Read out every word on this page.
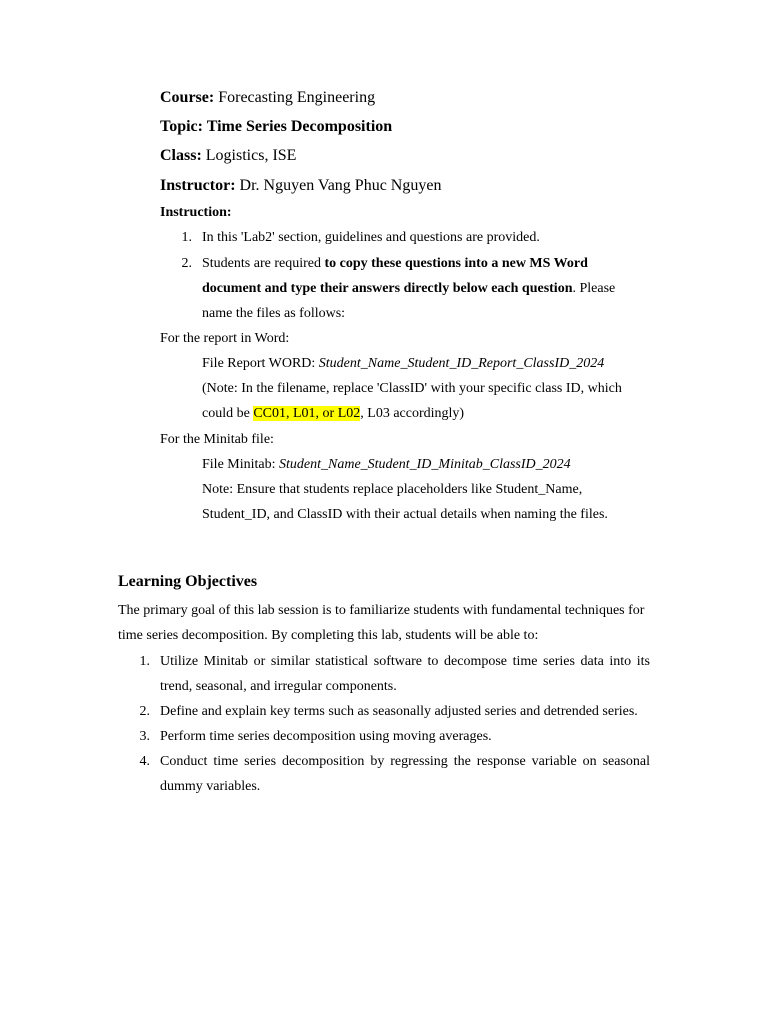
Course: Forecasting Engineering
Topic: Time Series Decomposition
Class: Logistics, ISE
Instructor: Dr. Nguyen Vang Phuc Nguyen
Instruction:
1. In this 'Lab2' section, guidelines and questions are provided.
2. Students are required to copy these questions into a new MS Word
document and type their answers directly below each question. Please
name the files as follows:
For the report in Word:
File Report WORD: Student_Name_Student_ID_Report_ClassID_2024
(Note: In the filename, replace 'ClassID' with your specific class ID, which
could be CC01, L01, or L02, L03 accordingly)
For the Minitab file:
File Minitab: Student_Name_Student_ID_Minitab_ClassID_2024
Note: Ensure that students replace placeholders like Student_Name,
Student_ID, and ClassID with their actual details when naming the files.
Learning Objectives
The primary goal of this lab session is to familiarize students with fundamental techniques for
time series decomposition. By completing this lab, students will be able to:
1. Utilize Minitab or similar statistical software to decompose time series data into its
trend, seasonal, and irregular components.
2. Define and explain key terms such as seasonally adjusted series and detrended series.
3. Perform time series decomposition using moving averages.
4. Conduct time series decomposition by regressing the response variable on seasonal
dummy variables.
